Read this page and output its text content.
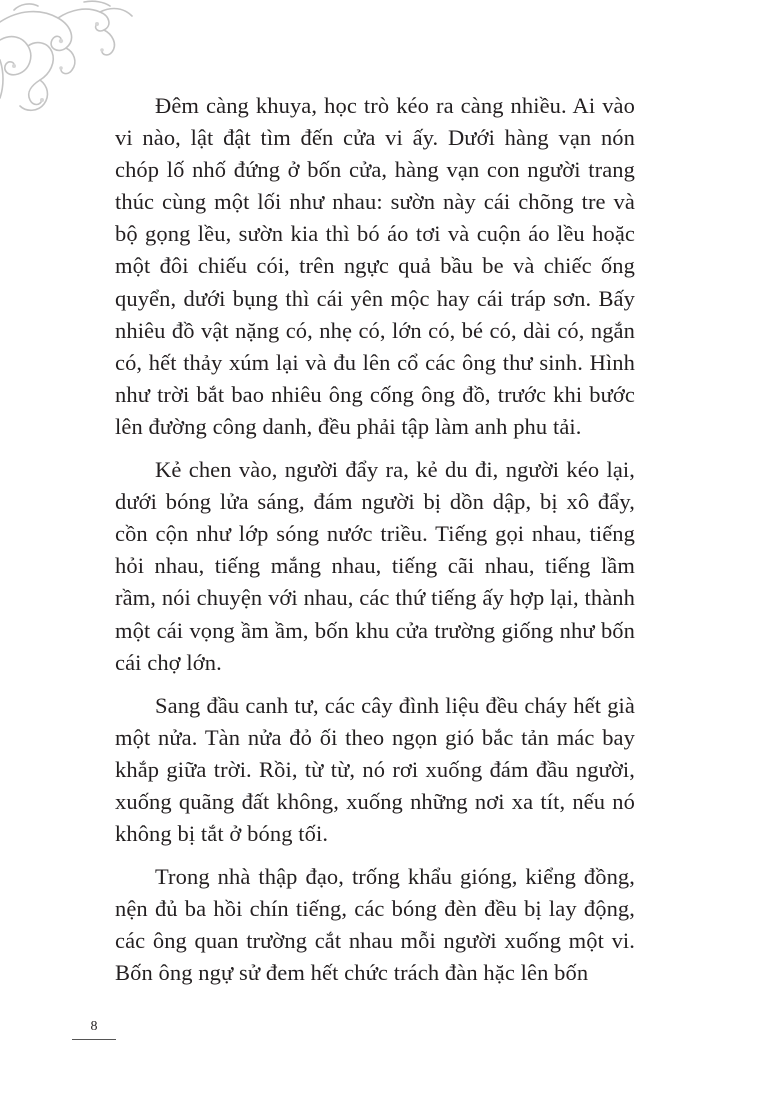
Đêm càng khuya, học trò kéo ra càng nhiều. Ai vào vi nào, lật đật tìm đến cửa vi ấy. Dưới hàng vạn nón chóp lố nhố đứng ở bốn cửa, hàng vạn con người trang thúc cùng một lối như nhau: sườn này cái chõng tre và bộ gọng lều, sườn kia thì bó áo tơi và cuộn áo lều hoặc một đôi chiếu cói, trên ngực quả bầu be và chiếc ống quyển, dưới bụng thì cái yên mộc hay cái tráp sơn. Bấy nhiêu đồ vật nặng có, nhẹ có, lớn có, bé có, dài có, ngắn có, hết thảy xúm lại và đu lên cổ các ông thư sinh. Hình như trời bắt bao nhiêu ông cống ông đồ, trước khi bước lên đường công danh, đều phải tập làm anh phu tải.

Kẻ chen vào, người đẩy ra, kẻ du đi, người kéo lại, dưới bóng lửa sáng, đám người bị dồn dập, bị xô đẩy, cồn cộn như lớp sóng nước triều. Tiếng gọi nhau, tiếng hỏi nhau, tiếng mắng nhau, tiếng cãi nhau, tiếng lầm rầm, nói chuyện với nhau, các thứ tiếng ấy hợp lại, thành một cái vọng ầm ầm, bốn khu cửa trường giống như bốn cái chợ lớn.

Sang đầu canh tư, các cây đình liệu đều cháy hết già một nửa. Tàn nửa đỏ ối theo ngọn gió bắc tản mác bay khắp giữa trời. Rồi, từ từ, nó rơi xuống đám đầu người, xuống quãng đất không, xuống những nơi xa tít, nếu nó không bị tắt ở bóng tối.

Trong nhà thập đạo, trống khẩu gióng, kiểng đồng, nện đủ ba hồi chín tiếng, các bóng đèn đều bị lay động, các ông quan trường cắt nhau mỗi người xuống một vi. Bốn ông ngự sử đem hết chức trách đàn hặc lên bốn

8
